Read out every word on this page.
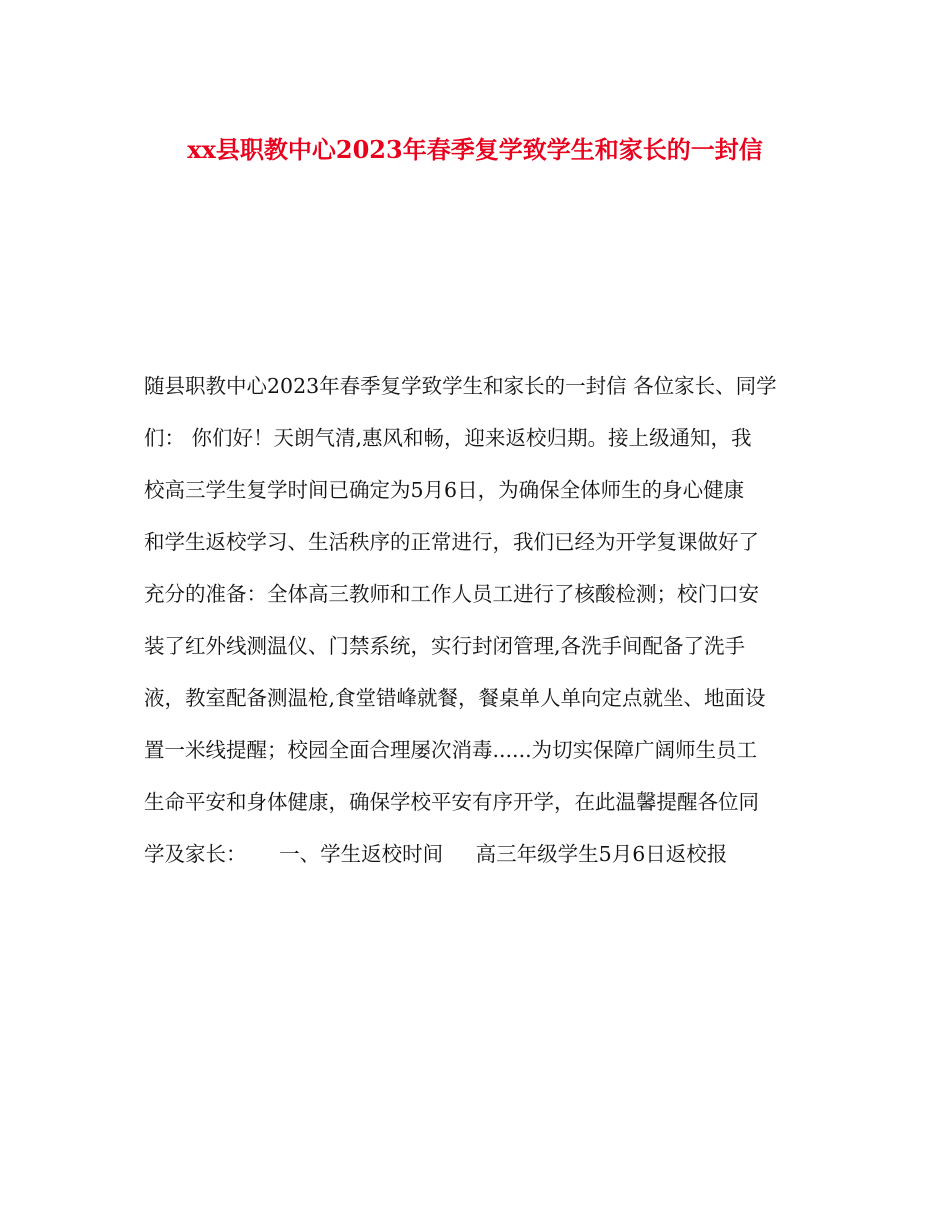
xx县职教中心2023年春季复学致学生和家长的一封信
随县职教中心2023年春季复学致学生和家长的一封信 各位家长、同学
们： 你们好！天朗气清,惠风和畅，迎来返校归期。接上级通知，我
校高三学生复学时间已确定为5月6日，为确保全体师生的身心健康
和学生返校学习、生活秩序的正常进行，我们已经为开学复课做好了
充分的准备：全体高三教师和工作人员工进行了核酸检测；校门口安
装了红外线测温仪、门禁系统，实行封闭管理,各洗手间配备了洗手
液，教室配备测温枪,食堂错峰就餐，餐桌单人单向定点就坐、地面设
置一米线提醒；校园全面合理屡次消毒......为切实保障广阔师生员工
生命平安和身体健康，确保学校平安有序开学，在此温馨提醒各位同
学及家长：     一、学生返校时间     高三年级学生5月6日返校报
